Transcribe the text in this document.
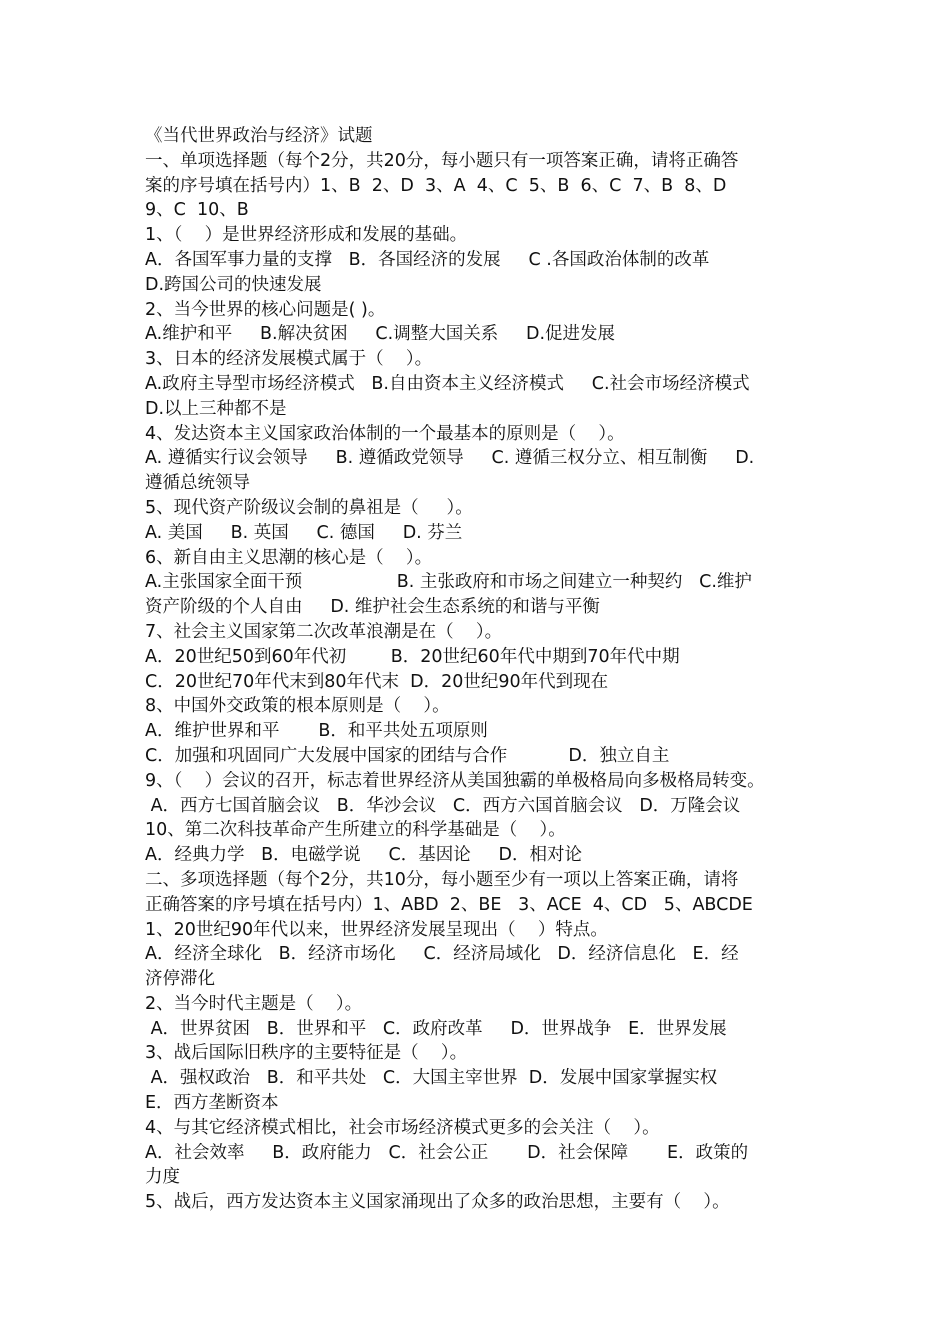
《当代世界政治与经济》试题
一、单项选择题（每个2分，共20分，每小题只有一项答案正确，请将正确答
案的序号填在括号内）1、B  2、D  3、A  4、C  5、B  6、C  7、B  8、D
9、C  10、B
1、（    ）是世界经济形成和发展的基础。
A．各国军事力量的支撑   B．各国经济的发展     C .各国政治体制的改革
D.跨国公司的快速发展
2、当今世界的核心问题是( )。
A.维护和平     B.解决贫困     C.调整大国关系     D.促进发展
3、日本的经济发展模式属于（    ）。
A.政府主导型市场经济模式   B.自由资本主义经济模式     C.社会市场经济模式
D.以上三种都不是
4、发达资本主义国家政治体制的一个最基本的原则是（    ）。
A. 遵循实行议会领导     B. 遵循政党领导     C. 遵循三权分立、相互制衡     D.
遵循总统领导
5、现代资产阶级议会制的鼻祖是（     ）。
A. 美国     B. 英国     C. 德国     D. 芬兰
6、新自由主义思潮的核心是（    ）。
A.主张国家全面干预                 B. 主张政府和市场之间建立一种契约   C.维护
资产阶级的个人自由     D. 维护社会生态系统的和谐与平衡
7、社会主义国家第二次改革浪潮是在（    ）。
A．20世纪50到60年代初        B．20世纪60年代中期到70年代中期
C．20世纪70年代末到80年代末  D．20世纪90年代到现在
8、中国外交政策的根本原则是（    ）。
A．维护世界和平       B．和平共处五项原则
C．加强和巩固同广大发展中国家的团结与合作           D．独立自主
9、（    ）会议的召开，标志着世界经济从美国独霸的单极格局向多极格局转变。
A．西方七国首脑会议   B．华沙会议   C．西方六国首脑会议   D．万隆会议
10、第二次科技革命产生所建立的科学基础是（    ）。
A．经典力学   B．电磁学说     C．基因论     D．相对论
二、多项选择题（每个2分，共10分，每小题至少有一项以上答案正确，请将
正确答案的序号填在括号内）1、ABD  2、BE   3、ACE  4、CD   5、ABCDE
1、20世纪90年代以来，世界经济发展呈现出（    ）特点。
A．经济全球化   B．经济市场化     C．经济局域化   D．经济信息化   E．经
济停滞化
2、当今时代主题是（    ）。
A．世界贫困   B．世界和平   C．政府改革     D．世界战争   E．世界发展
3、战后国际旧秩序的主要特征是（    ）。
A．强权政治   B．和平共处   C．大国主宰世界  D．发展中国家掌握实权
E．西方垄断资本
4、与其它经济模式相比，社会市场经济模式更多的会关注（    ）。
A．社会效率     B．政府能力   C．社会公正       D．社会保障       E．政策的
力度
5、战后，西方发达资本主义国家涌现出了众多的政治思想，主要有（    ）。
